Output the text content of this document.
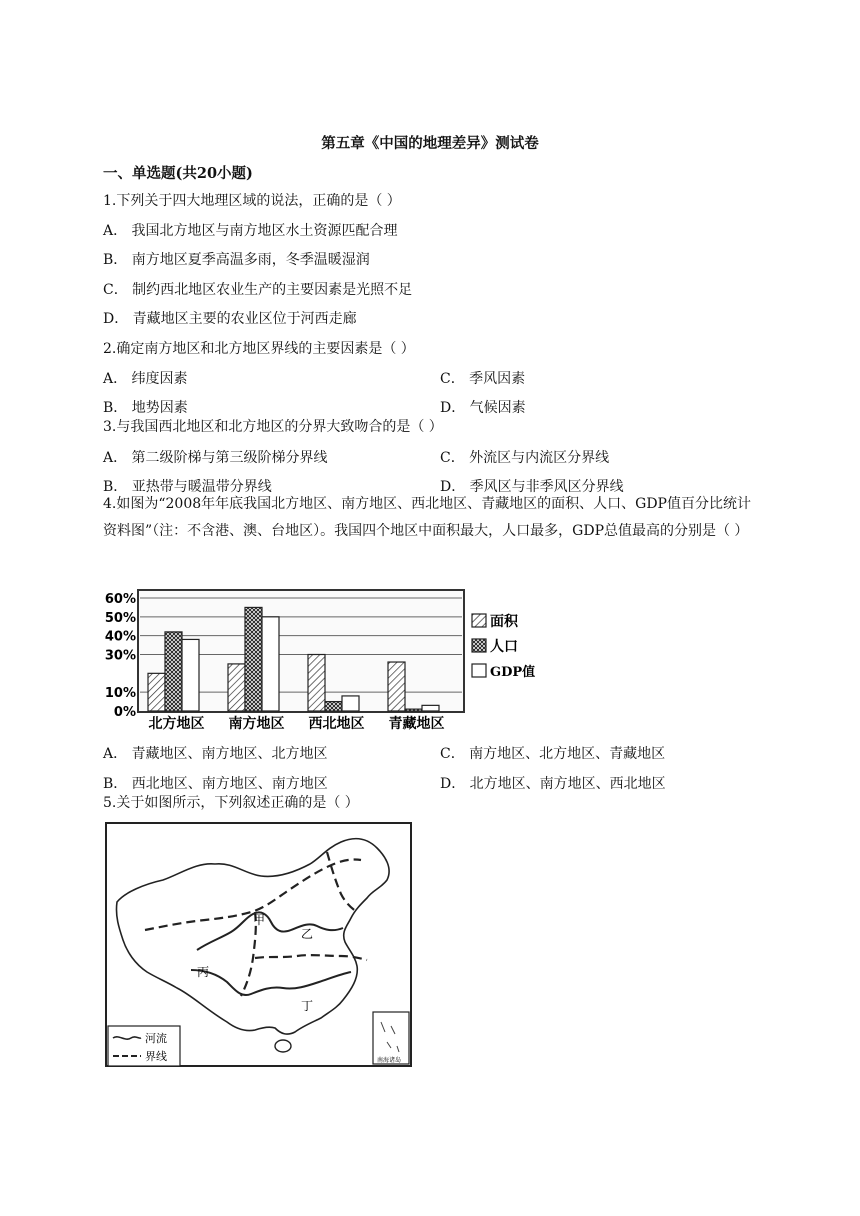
第五章《中国的地理差异》测试卷
一、单选题(共20小题)
1.下列关于四大地理区域的说法，正确的是（ ）
A． 我国北方地区与南方地区水土资源匹配合理
B． 南方地区夏季高温多雨，冬季温暖湿润
C． 制约西北地区农业生产的主要因素是光照不足
D． 青藏地区主要的农业区位于河西走廊
2.确定南方地区和北方地区界线的主要因素是（ ）
A． 纬度因素	C． 季风因素
B． 地势因素	D． 气候因素
3.与我国西北地区和北方地区的分界大致吻合的是（ ）
A． 第二级阶梯与第三级阶梯分界线	C． 外流区与内流区分界线
B． 亚热带与暖温带分界线	D． 季风区与非季风区分界线
4.如图为“2008年年底我国北方地区、南方地区、西北地区、青藏地区的面积、人口、GDP值百分比统计资料图”（注：不含港、澳、台地区）。我国四个地区中面积最大，人口最多，GDP总值最高的分别是（ ）
60%
50%
40%
30%
10%
0%
北方地区 南方地区 西北地区 青藏地区
面积
人口
GDP值
A． 青藏地区、南方地区、北方地区	C． 南方地区、北方地区、青藏地区
B． 西北地区、南方地区、南方地区	D． 北方地区、南方地区、西北地区
5.关于如图所示，下列叙述正确的是（ ）
甲
乙
丙
丁
南海诸岛
河流
界线
